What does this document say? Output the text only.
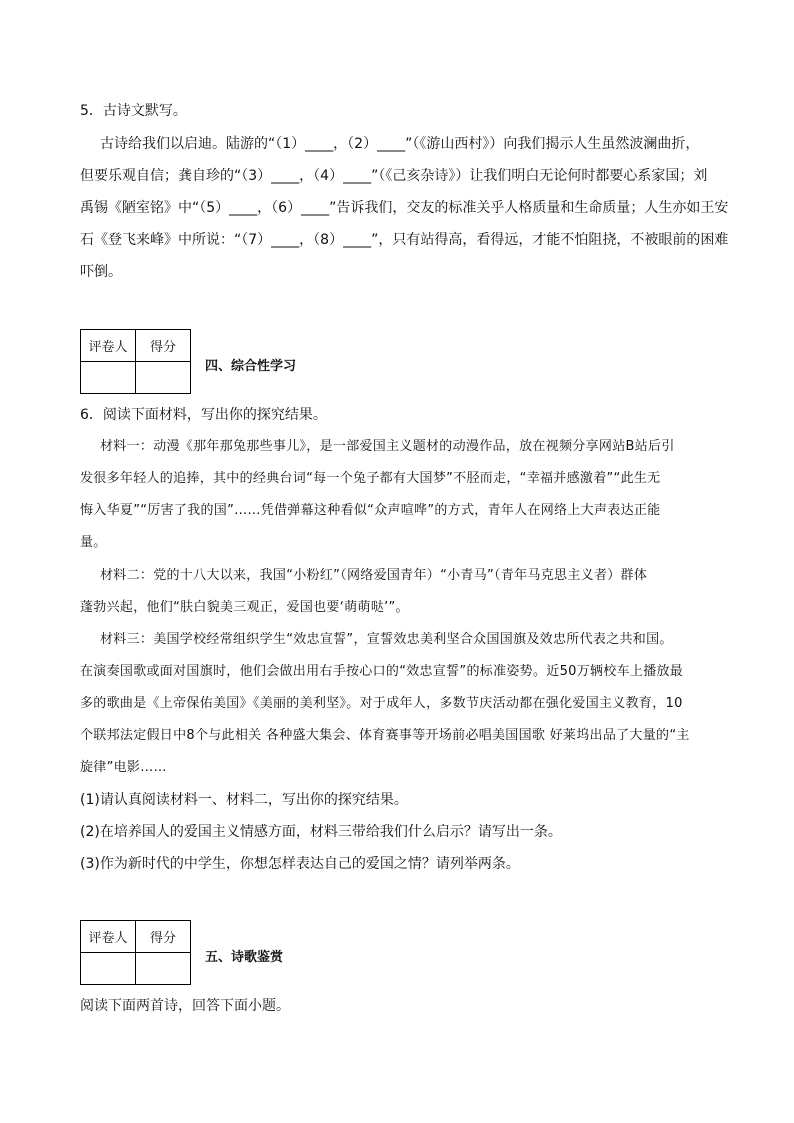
5．古诗文默写。
古诗给我们以启迪。陆游的“（1）____，（2）____”（《游山西村》）向我们揭示人生虽然波澜曲折，
但要乐观自信；龚自珍的“（3）____，（4）____”（《己亥杂诗》）让我们明白无论何时都要心系家国；刘
禹锡《陋室铭》中“（5）____，（6）____”告诉我们，交友的标准关乎人格质量和生命质量；人生亦如王安
石《登飞来峰》中所说：“（7）____，（8）____”，只有站得高，看得远，才能不怕阻挠，不被眼前的困难
吓倒。
评卷人	得分

四、综合性学习
6．阅读下面材料，写出你的探究结果。
材料一：动漫《那年那兔那些事儿》，是一部爱国主义题材的动漫作品，放在视频分享网站B站后引
发很多年轻人的追捧，其中的经典台词“每一个兔子都有大国梦”不胫而走，“幸福并感激着”“此生无
悔入华夏”“厉害了我的国”……凭借弹幕这种看似“众声喧哗”的方式，青年人在网络上大声表达正能
量。
材料二：党的十八大以来，我国“小粉红”（网络爱国青年）“小青马”（青年马克思主义者）群体
蓬勃兴起，他们“肤白貌美三观正，爱国也要‘萌萌哒’”。
材料三：美国学校经常组织学生“效忠宣誓”，宣誓效忠美利坚合众国国旗及效忠所代表之共和国。
在演奏国歌或面对国旗时，他们会做出用右手按心口的“效忠宣誓”的标准姿势。近50万辆校车上播放最
多的歌曲是《上帝保佑美国》《美丽的美利坚》。对于成年人，多数节庆活动都在强化爱国主义教育，10
个联邦法定假日中8个与此相关 各种盛大集会、体育赛事等开场前必唱美国国歌 好莱坞出品了大量的“主
旋律”电影……
(1)请认真阅读材料一、材料二，写出你的探究结果。
(2)在培养国人的爱国主义情感方面，材料三带给我们什么启示？请写出一条。
(3)作为新时代的中学生，你想怎样表达自己的爱国之情？请列举两条。
评卷人	得分

五、诗歌鉴赏
阅读下面两首诗，回答下面小题。
